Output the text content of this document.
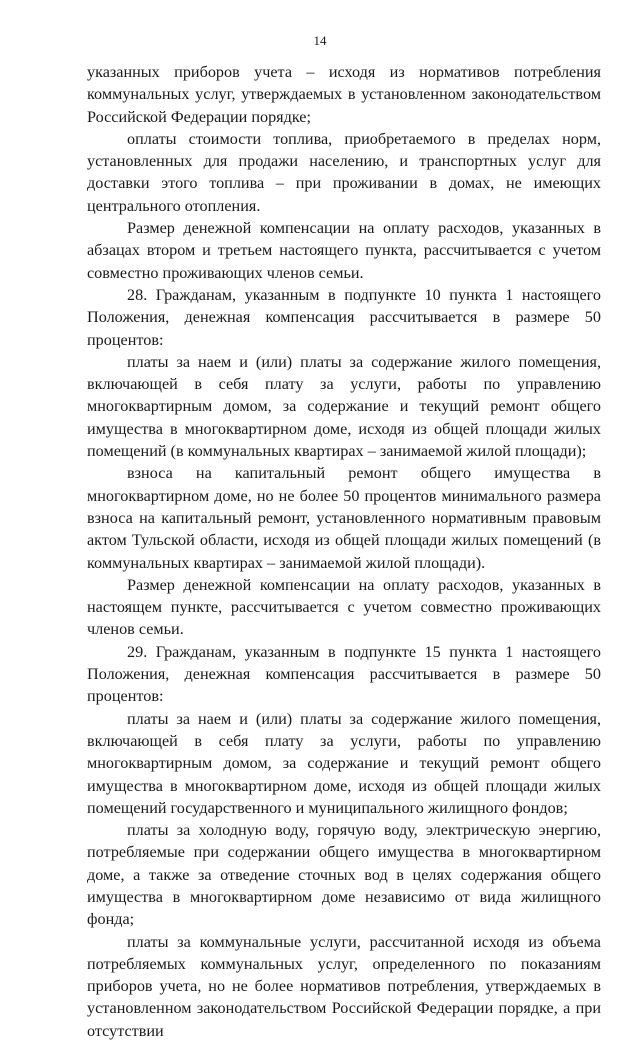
14

указанных приборов учета – исходя из нормативов потребления коммунальных услуг, утверждаемых в установленном законодательством Российской Федерации порядке;

оплаты стоимости топлива, приобретаемого в пределах норм, установленных для продажи населению, и транспортных услуг для доставки этого топлива – при проживании в домах, не имеющих центрального отопления.

Размер денежной компенсации на оплату расходов, указанных в абзацах втором и третьем настоящего пункта, рассчитывается с учетом совместно проживающих членов семьи.

28. Гражданам, указанным в подпункте 10 пункта 1 настоящего Положения, денежная компенсация рассчитывается в размере 50 процентов:

платы за наем и (или) платы за содержание жилого помещения, включающей в себя плату за услуги, работы по управлению многоквартирным домом, за содержание и текущий ремонт общего имущества в многоквартирном доме, исходя из общей площади жилых помещений (в коммунальных квартирах – занимаемой жилой площади);

взноса на капитальный ремонт общего имущества в многоквартирном доме, но не более 50 процентов минимального размера взноса на капитальный ремонт, установленного нормативным правовым актом Тульской области, исходя из общей площади жилых помещений (в коммунальных квартирах – занимаемой жилой площади).

Размер денежной компенсации на оплату расходов, указанных в настоящем пункте, рассчитывается с учетом совместно проживающих членов семьи.

29. Гражданам, указанным в подпункте 15 пункта 1 настоящего Положения, денежная компенсация рассчитывается в размере 50 процентов:

платы за наем и (или) платы за содержание жилого помещения, включающей в себя плату за услуги, работы по управлению многоквартирным домом, за содержание и текущий ремонт общего имущества в многоквартирном доме, исходя из общей площади жилых помещений государственного и муниципального жилищного фондов;

платы за холодную воду, горячую воду, электрическую энергию, потребляемые при содержании общего имущества в многоквартирном доме, а также за отведение сточных вод в целях содержания общего имущества в многоквартирном доме независимо от вида жилищного фонда;

платы за коммунальные услуги, рассчитанной исходя из объема потребляемых коммунальных услуг, определенного по показаниям приборов учета, но не более нормативов потребления, утверждаемых в установленном законодательством Российской Федерации порядке, а при отсутствии
